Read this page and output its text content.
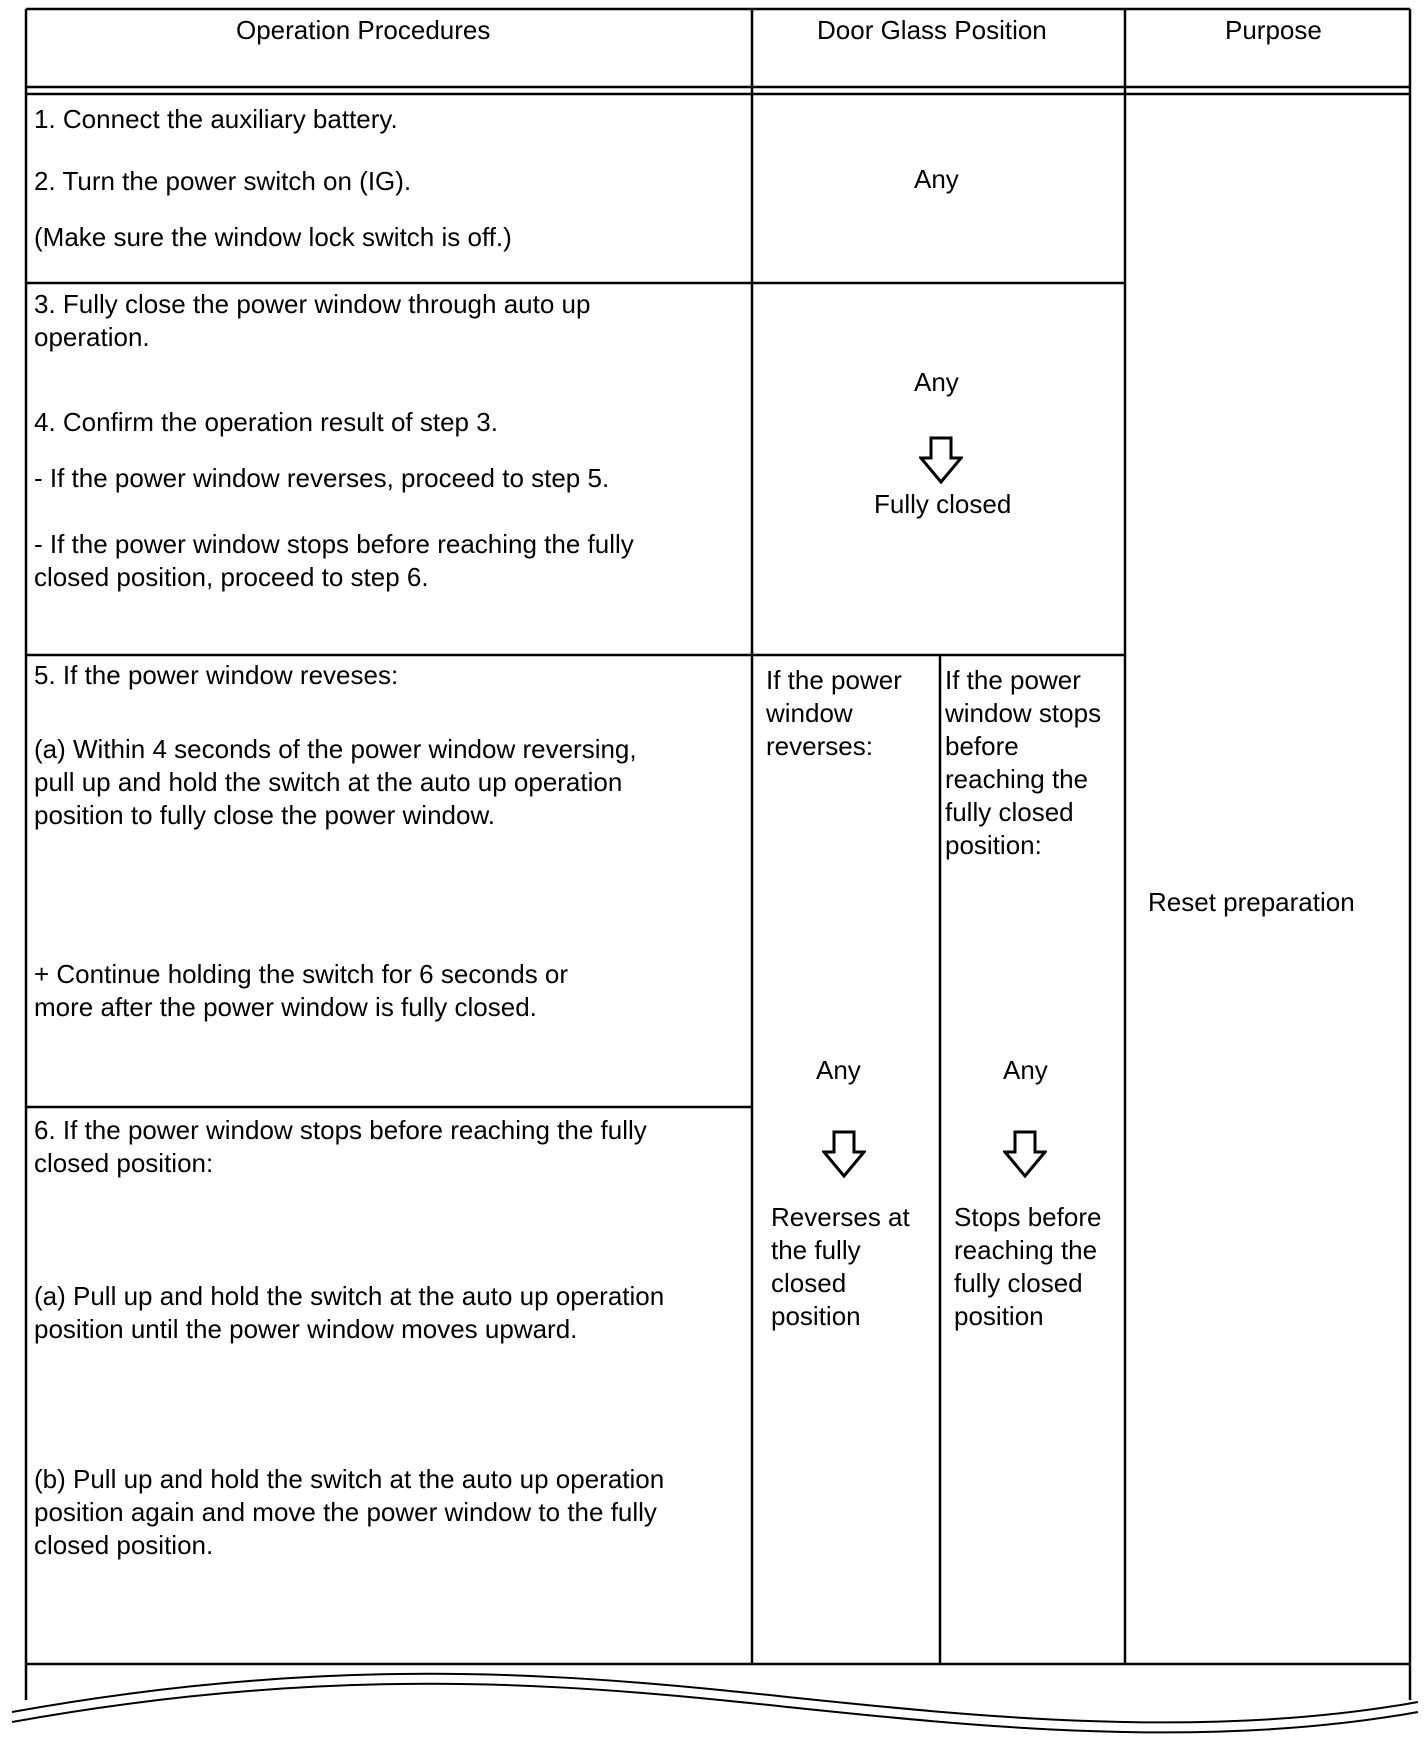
Operation Procedures	Door Glass Position	Purpose
1. Connect the auxiliary battery.
2. Turn the power switch on (IG).
(Make sure the window lock switch is off.)
Any
3. Fully close the power window through auto up
operation.
4. Confirm the operation result of step 3.
- If the power window reverses, proceed to step 5.
- If the power window stops before reaching the fully
closed position, proceed to step 6.
Any
Fully closed
5. If the power window reveses:
(a) Within 4 seconds of the power window reversing,
pull up and hold the switch at the auto up operation
position to fully close the power window.
+ Continue holding the switch for 6 seconds or
more after the power window is fully closed.
6. If the power window stops before reaching the fully
closed position:
(a) Pull up and hold the switch at the auto up operation
position until the power window moves upward.
(b) Pull up and hold the switch at the auto up operation
position again and move the power window to the fully
closed position.
If the power
window
reverses:
Any
Reverses at
the fully
closed
position
If the power
window stops
before
reaching the
fully closed
position:
Any
Stops before
reaching the
fully closed
position
Reset preparation
